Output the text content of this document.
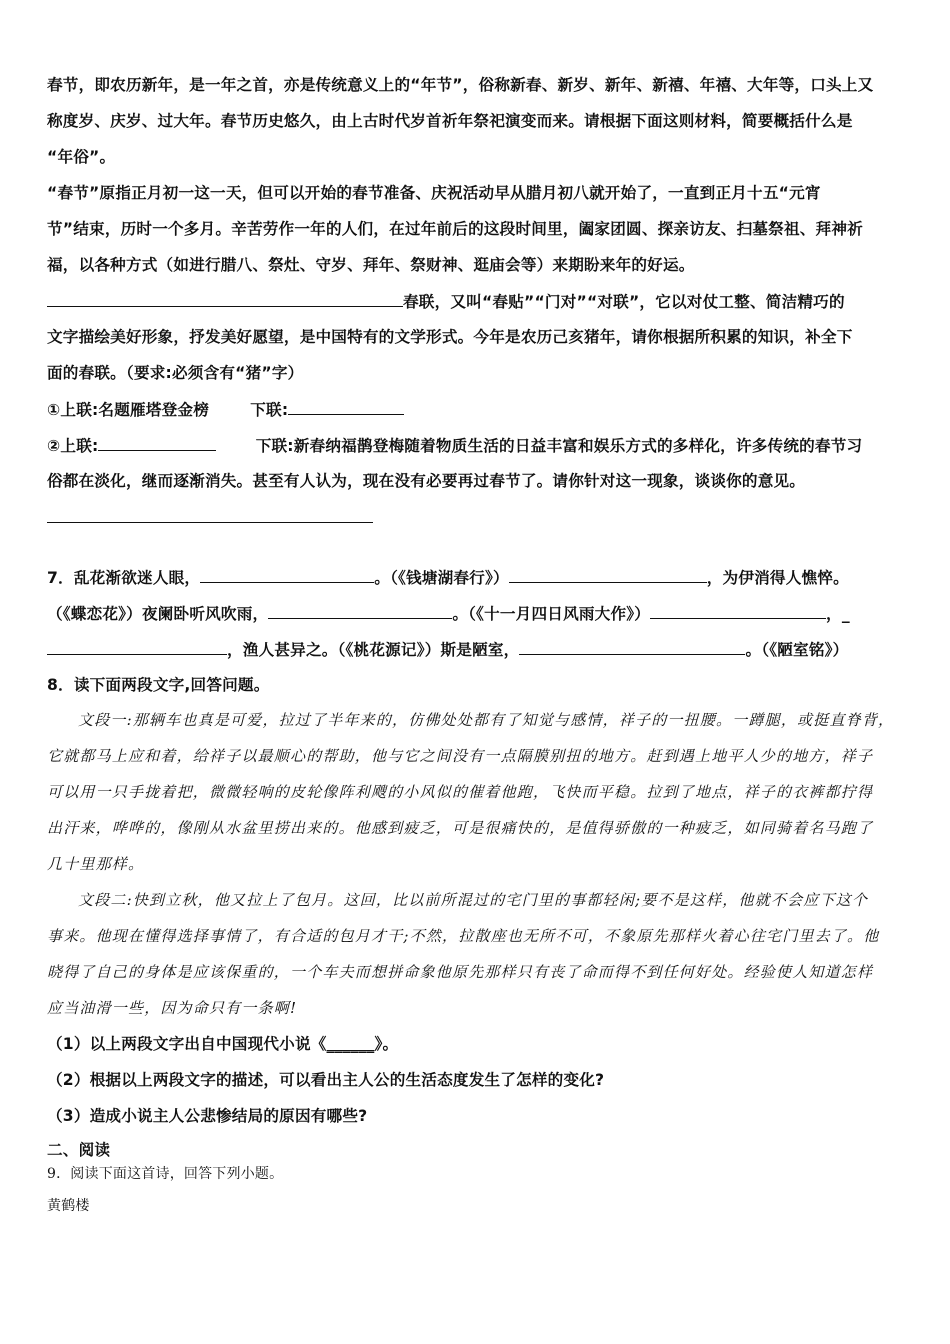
春节，即农历新年，是一年之首，亦是传统意义上的“年节”，俗称新春、新岁、新年、新禧、年禧、大年等，口头上又
称度岁、庆岁、过大年。春节历史悠久，由上古时代岁首祈年祭祀演变而来。请根据下面这则材料，简要概括什么是
“年俗”。
“春节”原指正月初一这一天，但可以开始的春节准备、庆祝活动早从腊月初八就开始了，一直到正月十五“元宵
节”结束，历时一个多月。辛苦劳作一年的人们，在过年前后的这段时间里，阖家团圆、探亲访友、扫墓祭祖、拜神祈
福，以各种方式（如进行腊八、祭灶、守岁、拜年、祭财神、逛庙会等）来期盼来年的好运。
春联，又叫“春贴”“门对”“对联”，它以对仗工整、简洁精巧的
文字描绘美好形象，抒发美好愿望，是中国特有的文学形式。今年是农历己亥猪年，请你根据所积累的知识，补全下
面的春联。（要求:必须含有“猪”字）
①上联:名题雁塔登金榜	下联:
②上联:	下联:新春纳福鹊登梅随着物质生活的日益丰富和娱乐方式的多样化，许多传统的春节习
俗都在淡化，继而逐渐消失。甚至有人认为，现在没有必要再过春节了。请你针对这一现象，谈谈你的意见。
7．乱花渐欲迷人眼，	。（《钱塘湖春行》）	，为伊消得人憔悴。
（《蝶恋花》）夜阑卧听风吹雨，	。（《十一月四日风雨大作》）	，_
，渔人甚异之。（《桃花源记》）斯是陋室，	。（《陋室铭》）
8．读下面两段文字,回答问题。
文段一:那辆车也真是可爱，拉过了半年来的，仿佛处处都有了知觉与感情，祥子的一扭腰。一蹲腿，或挺直脊背，
它就都马上应和着，给祥子以最顺心的帮助，他与它之间没有一点隔膜别扭的地方。赶到遇上地平人少的地方，祥子
可以用一只手拢着把，微微轻响的皮轮像阵利飕的小风似的催着他跑，飞快而平稳。拉到了地点，祥子的衣裤都拧得
出汗来，哗哗的，像刚从水盆里捞出来的。他感到疲乏，可是很痛快的，是值得骄傲的一种疲乏，如同骑着名马跑了
几十里那样。
文段二:快到立秋，他又拉上了包月。这回，比以前所混过的宅门里的事都轻闲;要不是这样，他就不会应下这个
事来。他现在懂得选择事情了，有合适的包月才干;不然，拉散座也无所不可，不象原先那样火着心往宅门里去了。他
晓得了自己的身体是应该保重的，一个车夫而想拼命象他原先那样只有丧了命而得不到任何好处。经验使人知道怎样
应当油滑一些，因为命只有一条啊!
（1）以上两段文字出自中国现代小说《______》。
（2）根据以上两段文字的描述，可以看出主人公的生活态度发生了怎样的变化?
（3）造成小说主人公悲惨结局的原因有哪些?
二、阅读
9．阅读下面这首诗，回答下列小题。
黄鹤楼
